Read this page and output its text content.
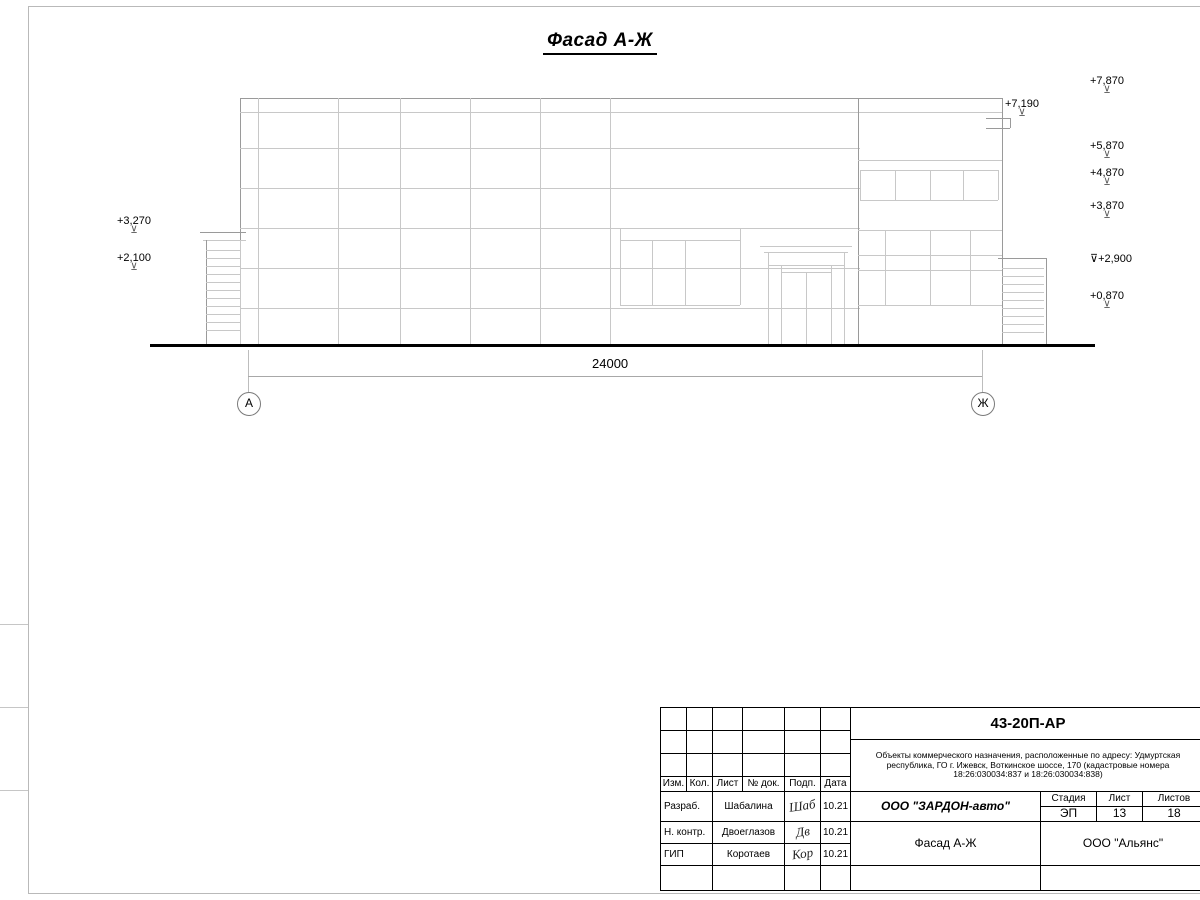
Фасад А-Ж
+3,270
⊻
+2,100
⊻
+7,870
⊻
+7,190
⊻
+5,870
⊻
+4,870
⊻
+3,870
⊻
⊽+2,900
+0,870
⊻
24000
А	Ж
Изм. Кол. Лист № док. Подп. Дата
Разраб.	Шабалина	Шаб 10.21
Н. контр.	Двоеглазов	Дв 10.21
ГИП	Коротаев	Кор 10.21
43-20П-АР
Объекты коммерческого назначения, расположенные по адресу: Удмуртская республика, ГО г. Ижевск, Воткинское шоссе, 170 (кадастровые номера 18:26:030034:837 и 18:26:030034:838)
ООО "ЗАРДОН-авто"	Стадия	Лист	Листов
ЭП	13	18
Фасад А-Ж	ООО "Альянс"
